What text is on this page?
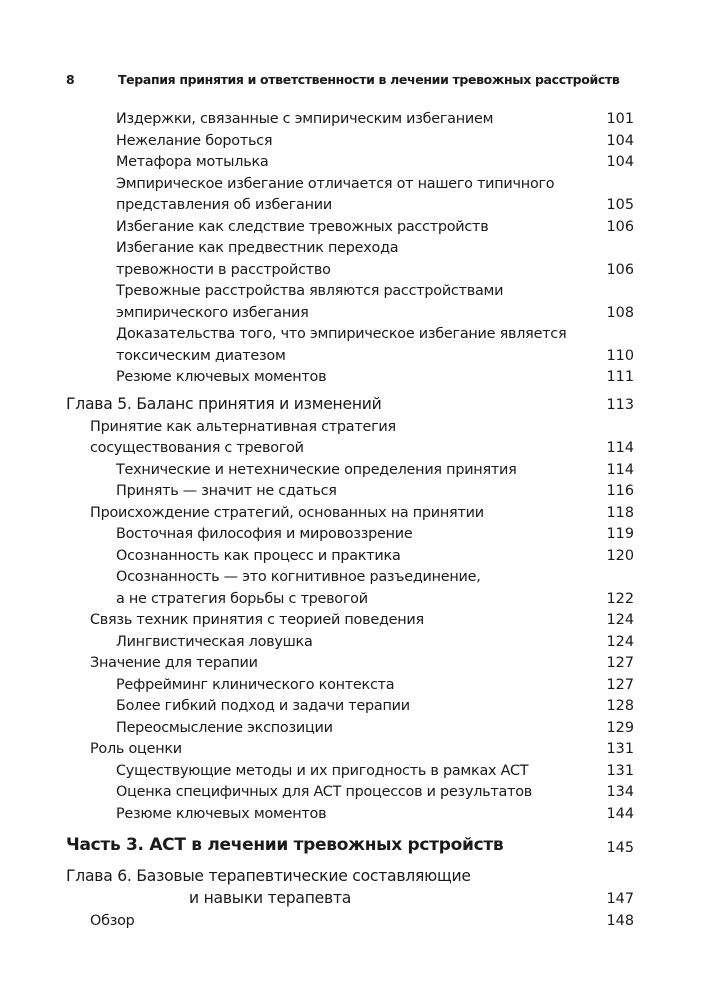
8	Терапия принятия и ответственности в лечении тревожных расстройств
Издержки, связанные с эмпирическим избеганием	101
Нежелание бороться	104
Метафора мотылька	104
Эмпирическое избегание отличается от нашего типичного
представления об избегании	105
Избегание как следствие тревожных расстройств	106
Избегание как предвестник перехода
тревожности в расстройство	106
Тревожные расстройства являются расстройствами
эмпирического избегания	108
Доказательства того, что эмпирическое избегание является
токсическим диатезом	110
Резюме ключевых моментов	111
Глава 5. Баланс принятия и изменений	113
Принятие как альтернативная стратегия
сосуществования с тревогой	114
Технические и нетехнические определения принятия	114
Принять — значит не сдаться	116
Происхождение стратегий, основанных на принятии	118
Восточная философия и мировоззрение	119
Осознанность как процесс и практика	120
Осознанность — это когнитивное разъединение,
а не стратегия борьбы с тревогой	122
Связь техник принятия с теорией поведения	124
Лингвистическая ловушка	124
Значение для терапии	127
Рефрейминг клинического контекста	127
Более гибкий подход и задачи терапии	128
Переосмысление экспозиции	129
Роль оценки	131
Существующие методы и их пригодность в рамках ACT	131
Оценка специфичных для ACT процессов и результатов	134
Резюме ключевых моментов	144
Часть 3. ACT в лечении тревожных рстройств	145
Глава 6. Базовые терапевтические составляющие
и навыки терапевта	147
Обзор	148
